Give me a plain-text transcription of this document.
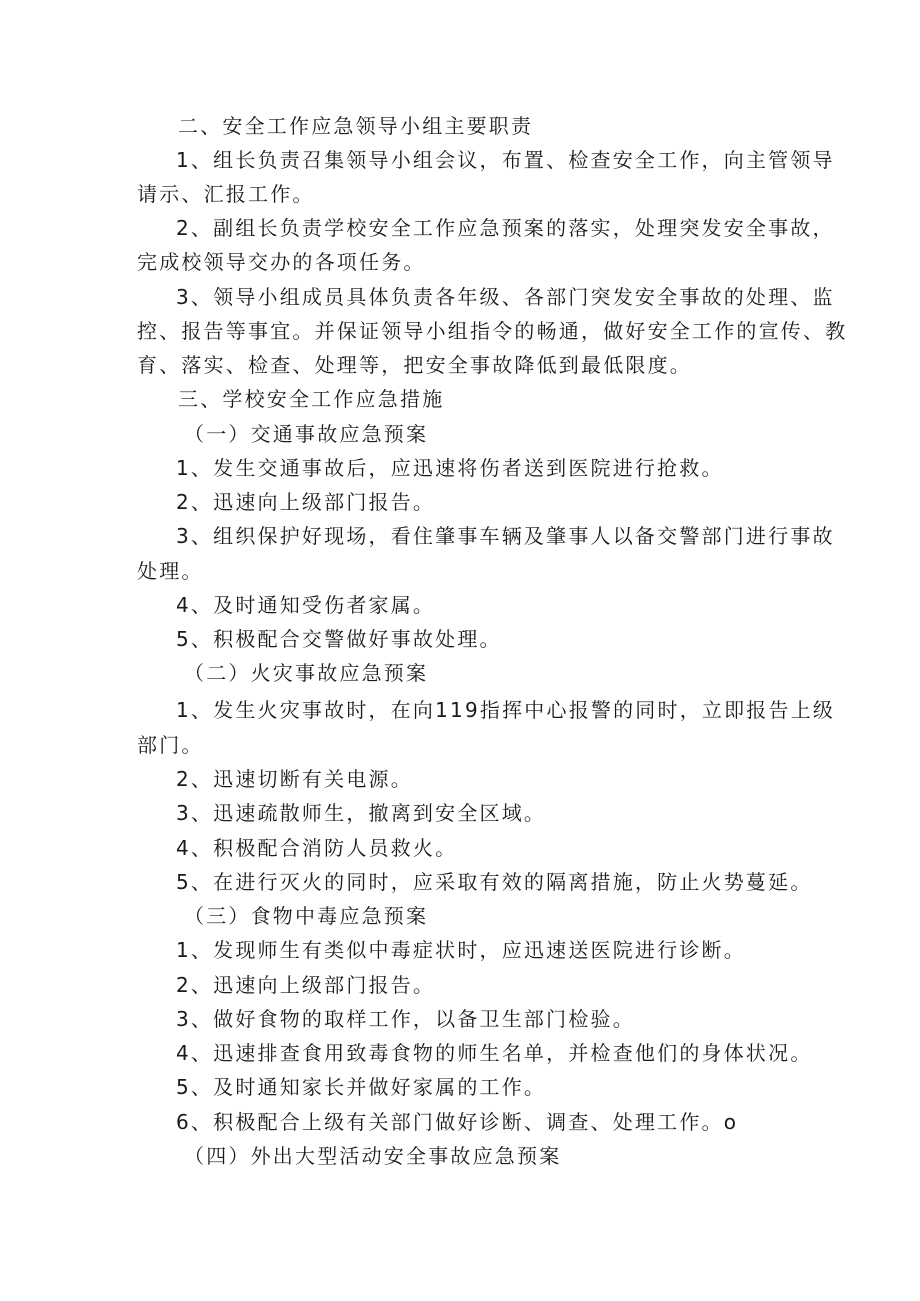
二、安全工作应急领导小组主要职责
1、组长负责召集领导小组会议，布置、检查安全工作，向主管领导
请示、汇报工作。
2、副组长负责学校安全工作应急预案的落实，处理突发安全事故，
完成校领导交办的各项任务。
3、领导小组成员具体负责各年级、各部门突发安全事故的处理、监
控、报告等事宜。并保证领导小组指令的畅通，做好安全工作的宣传、教
育、落实、检查、处理等，把安全事故降低到最低限度。
三、学校安全工作应急措施
（一）交通事故应急预案
1、发生交通事故后，应迅速将伤者送到医院进行抢救。
2、迅速向上级部门报告。
3、组织保护好现场，看住肇事车辆及肇事人以备交警部门进行事故
处理。
4、及时通知受伤者家属。
5、积极配合交警做好事故处理。
（二）火灾事故应急预案
1、发生火灾事故时，在向119指挥中心报警的同时，立即报告上级
部门。
2、迅速切断有关电源。
3、迅速疏散师生，撤离到安全区域。
4、积极配合消防人员救火。
5、在进行灭火的同时，应采取有效的隔离措施，防止火势蔓延。
（三）食物中毒应急预案
1、发现师生有类似中毒症状时，应迅速送医院进行诊断。
2、迅速向上级部门报告。
3、做好食物的取样工作，以备卫生部门检验。
4、迅速排查食用致毒食物的师生名单，并检查他们的身体状况。
5、及时通知家长并做好家属的工作。
6、积极配合上级有关部门做好诊断、调查、处理工作。o
（四）外出大型活动安全事故应急预案
